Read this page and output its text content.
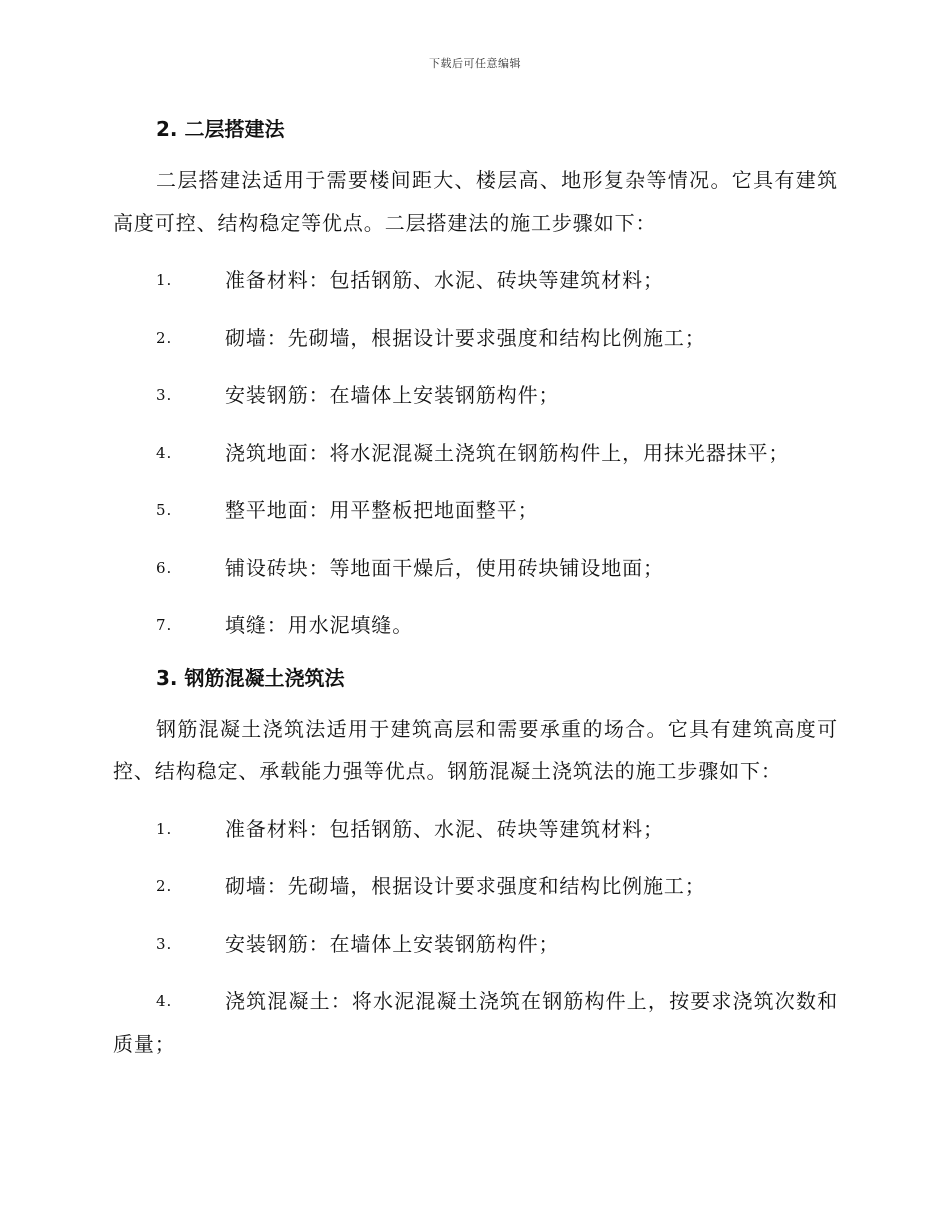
下载后可任意编辑
2. 二层搭建法

二层搭建法适用于需要楼间距大、楼层高、地形复杂等情况。它具有建筑高度可控、结构稳定等优点。二层搭建法的施工步骤如下：

1.	准备材料：包括钢筋、水泥、砖块等建筑材料；
2.	砌墙：先砌墙，根据设计要求强度和结构比例施工；
3.	安装钢筋：在墙体上安装钢筋构件；
4.	浇筑地面：将水泥混凝土浇筑在钢筋构件上，用抹光器抹平；
5.	整平地面：用平整板把地面整平；
6.	铺设砖块：等地面干燥后，使用砖块铺设地面；
7.	填缝：用水泥填缝。
3. 钢筋混凝土浇筑法

钢筋混凝土浇筑法适用于建筑高层和需要承重的场合。它具有建筑高度可控、结构稳定、承载能力强等优点。钢筋混凝土浇筑法的施工步骤如下：

1.	准备材料：包括钢筋、水泥、砖块等建筑材料；
2.	砌墙：先砌墙，根据设计要求强度和结构比例施工；
3.	安装钢筋：在墙体上安装钢筋构件；
4.	浇筑混凝土：将水泥混凝土浇筑在钢筋构件上，按要求浇筑次数和质量；
